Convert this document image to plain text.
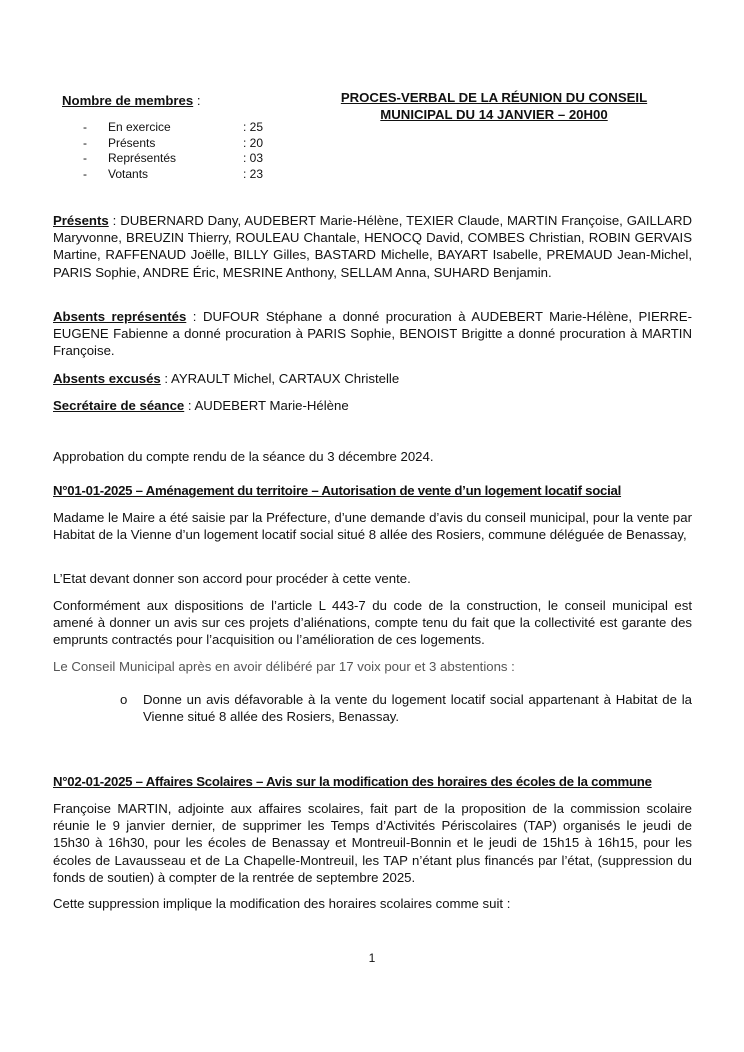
Nombre de membres :
- En exercice	: 25
- Présents	: 20
- Représentés	: 03
- Votants	: 23
PROCES-VERBAL DE LA RÉUNION DU CONSEIL
MUNICIPAL DU 14 JANVIER – 20H00

Présents : DUBERNARD Dany, AUDEBERT Marie-Hélène, TEXIER Claude, MARTIN Françoise, GAILLARD Maryvonne, BREUZIN Thierry, ROULEAU Chantale, HENOCQ David, COMBES Christian, ROBIN GERVAIS Martine, RAFFENAUD Joëlle, BILLY Gilles, BASTARD Michelle, BAYART Isabelle, PREMAUD Jean-Michel, PARIS Sophie, ANDRE Éric, MESRINE Anthony, SELLAM Anna, SUHARD Benjamin.

Absents représentés : DUFOUR Stéphane a donné procuration à AUDEBERT Marie-Hélène, PIERRE-EUGENE Fabienne a donné procuration à PARIS Sophie, BENOIST Brigitte a donné procuration à MARTIN Françoise.

Absents excusés : AYRAULT Michel, CARTAUX Christelle

Secrétaire de séance : AUDEBERT Marie-Hélène

Approbation du compte rendu de la séance du 3 décembre 2024.
N°01-01-2025 – Aménagement du territoire – Autorisation de vente d’un logement locatif social
Madame le Maire a été saisie par la Préfecture, d’une demande d’avis du conseil municipal, pour la vente par Habitat de la Vienne d’un logement locatif social situé 8 allée des Rosiers, commune déléguée de Benassay,
L’Etat devant donner son accord pour procéder à cette vente.
Conformément aux dispositions de l’article L 443-7 du code de la construction, le conseil municipal est amené à donner un avis sur ces projets d’aliénations, compte tenu du fait que la collectivité est garante des emprunts contractés pour l’acquisition ou l’amélioration de ces logements.
Le Conseil Municipal après en avoir délibéré par 17 voix pour et 3 abstentions :
o Donne un avis défavorable à la vente du logement locatif social appartenant à Habitat de la Vienne situé 8 allée des Rosiers, Benassay.
N°02-01-2025 – Affaires Scolaires – Avis sur la modification des horaires des écoles de la commune
Françoise MARTIN, adjointe aux affaires scolaires, fait part de la proposition de la commission scolaire réunie le 9 janvier dernier, de supprimer les Temps d’Activités Périscolaires (TAP) organisés le jeudi de 15h30 à 16h30, pour les écoles de Benassay et Montreuil-Bonnin et le jeudi de 15h15 à 16h15, pour les écoles de Lavausseau et de La Chapelle-Montreuil, les TAP n’étant plus financés par l’état, (suppression du fonds de soutien) à compter de la rentrée de septembre 2025.
Cette suppression implique la modification des horaires scolaires comme suit :
1
